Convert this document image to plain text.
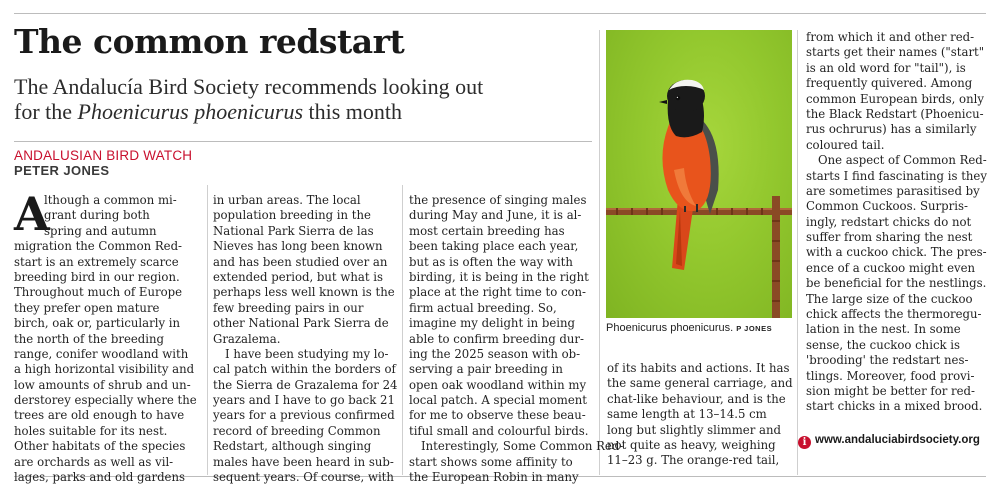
The common redstart
The Andalucía Bird Society recommends looking out
for the Phoenicurus phoenicurus this month
ANDALUSIAN BIRD WATCH
PETER JONES
A
lthough a common mi-
grant during both
spring and autumn
migration the Common Red-
start is an extremely scarce
breeding bird in our region.
Throughout much of Europe
they prefer open mature
birch, oak or, particularly in
the north of the breeding
range, conifer woodland with
a high horizontal visibility and
low amounts of shrub and un-
derstorey especially where the
trees are old enough to have
holes suitable for its nest.
Other habitats of the species
are orchards as well as vil-
lages, parks and old gardens
in urban areas. The local
population breeding in the
National Park Sierra de las
Nieves has long been known
and has been studied over an
extended period, but what is
perhaps less well known is the
few breeding pairs in our
other National Park Sierra de
Grazalema.
I have been studying my lo-
cal patch within the borders of
the Sierra de Grazalema for 24
years and I have to go back 21
years for a previous confirmed
record of breeding Common
Redstart, although singing
males have been heard in sub-
sequent years. Of course, with
the presence of singing males
during May and June, it is al-
most certain breeding has
been taking place each year,
but as is often the way with
birding, it is being in the right
place at the right time to con-
firm actual breeding. So,
imagine my delight in being
able to confirm breeding dur-
ing the 2025 season with ob-
serving a pair breeding in
open oak woodland within my
local patch. A special moment
for me to observe these beau-
tiful small and colourful birds.
Interestingly, Some Common Red-
start shows some affinity to
the European Robin in many
of its habits and actions. It has
the same general carriage, and
chat-like behaviour, and is the
same length at 13–14.5 cm
long but slightly slimmer and
not quite as heavy, weighing
11–23 g. The orange-red tail,
from which it and other red-
starts get their names ("start"
is an old word for "tail"), is
frequently quivered. Among
common European birds, only
the Black Redstart (Phoenicu-
rus ochrurus) has a similarly
coloured tail.
One aspect of Common Red-
starts I find fascinating is they
are sometimes parasitised by
Common Cuckoos. Surpris-
ingly, redstart chicks do not
suffer from sharing the nest
with a cuckoo chick. The pres-
ence of a cuckoo might even
be beneficial for the nestlings.
The large size of the cuckoo
chick affects the thermoregu-
lation in the nest. In some
sense, the cuckoo chick is
'brooding' the redstart nes-
tlings. Moreover, food provi-
sion might be better for red-
start chicks in a mixed brood.
Phoenicurus phoenicurus. P JONES
i www.andaluciabirdsociety.org
